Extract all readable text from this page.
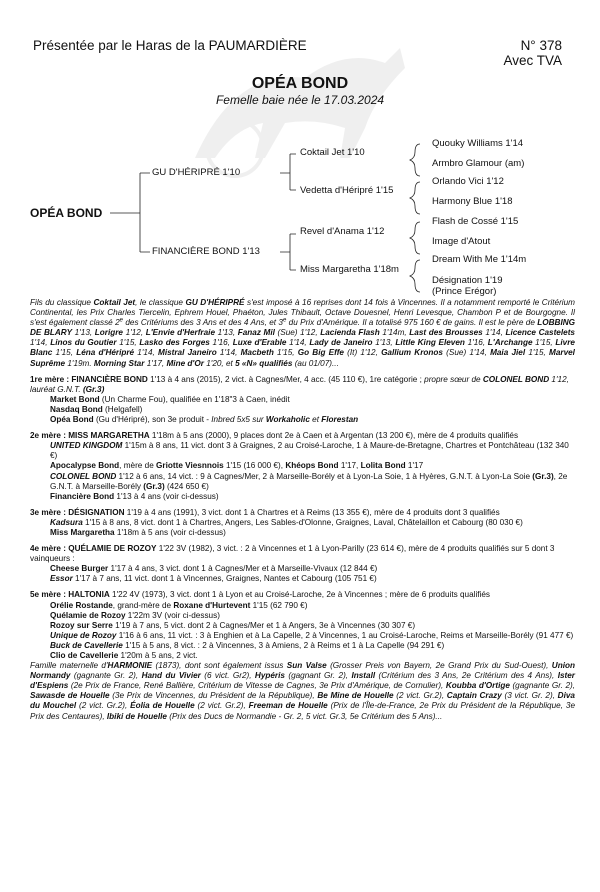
Présentée par le Haras de la PAUMARDIÈRE	N° 378
Avec TVA
OPÉA BOND
Femelle baie née le 17.03.2024
OPÉA BOND
GU D'HÉRIPRÉ 1'10
FINANCIÈRE BOND 1'13
Coktail Jet 1'10
Vedetta d'Héripré 1'15
Revel d'Anama 1'12
Miss Margaretha 1'18m
Quouky Williams 1'14
Armbro Glamour (am)
Orlando Vici 1'12
Harmony Blue 1'18
Flash de Cossé 1'15
Image d'Atout
Dream With Me 1'14m
Désignation 1'19
(Prince Erégor)

Fils du classique Coktail Jet, le classique GU D'HÉRIPRÉ s'est imposé à 16 reprises dont 14 fois à Vincennes. Il a notamment remporté le Critérium Continental, les Prix Charles Tiercelin, Ephrem Houel, Phaéton, Jules Thibault, Octave Douesnel, Henri Levesque, Chambon P et de Bourgogne. Il s'est également classé 2e des Critériums des 3 Ans et des 4 Ans, et 3e du Prix d'Amérique. Il a totalisé 975 160 € de gains. Il est le père de LOBBING DE BLARY 1'13, Lorigre 1'12, L'Envie d'Herfraie 1'13, Fanaz Mil (Sue) 1'12, Lacienda Flash 1'14m, Last des Brousses 1'14, Licence Castelets 1'14, Linos du Goutier 1'15, Lasko des Forges 1'16, Luxe d'Erable 1'14, Lady de Janeiro 1'13, Little King Eleven 1'16, L'Archange 1'15, Livre Blanc 1'15, Léna d'Héripré 1'14, Mistral Janeiro 1'14, Macbeth 1'15, Go Big Effe (It) 1'12, Gallium Kronos (Sue) 1'14, Maia Jiel 1'15, Marvel Suprême 1'19m. Morning Star 1'17, Mine d'Or 1'20, et 5 «N» qualifiés (au 01/07)...

1re mère : FINANCIÈRE BOND 1'13 à 4 ans (2015), 2 vict. à Cagnes/Mer, 4 acc. (45 110 €), 1re catégorie ; propre sœur de COLONEL BOND 1'12, lauréat G.N.T. (Gr.3)

Market Bond (Un Charme Fou), qualifiée en 1'18"3 à Caen, inédit

Nasdaq Bond (Helgafell)

Opéa Bond (Gu d'Héripré), son 3e produit - Inbred 5x5 sur Workaholic et Florestan

2e mère : MISS MARGARETHA 1'18m à 5 ans (2000), 9 places dont 2e à Caen et à Argentan (13 200 €), mère de 4 produits qualifiés

UNITED KINGDOM 1'15m à 8 ans, 11 vict. dont 3 à Graignes, 2 au Croisé-Laroche, 1 à Maure-de-Bretagne, Chartres et Pontchâteau (132 340 €)

Apocalypse Bond, mère de Griotte Viesnnois 1'15 (16 000 €), Khéops Bond 1'17, Lolita Bond 1'17

COLONEL BOND 1'12 à 6 ans, 14 vict. : 9 à Cagnes/Mer, 2 à Marseille-Borély et à Lyon-La Soie, 1 à Hyères, G.N.T. à Lyon-La Soie (Gr.3), 2e G.N.T. à Marseille-Borély (Gr.3) (424 650 €)

Financière Bond 1'13 à 4 ans (voir ci-dessus)

3e mère : DÉSIGNATION 1'19 à 4 ans (1991), 3 vict. dont 1 à Chartres et à Reims (13 355 €), mère de 4 produits dont 3 qualifiés

Kadsura 1'15 à 8 ans, 8 vict. dont 1 à Chartres, Angers, Les Sables-d'Olonne, Graignes, Laval, Châtelaillon et Cabourg (80 030 €)

Miss Margaretha 1'18m à 5 ans (voir ci-dessus)

4e mère : QUÉLAMIE DE ROZOY 1'22 3V (1982), 3 vict. : 2 à Vincennes et 1 à Lyon-Parilly (23 614 €), mère de 4 produits qualifiés sur 5 dont 3 vainqueurs :

Cheese Burger 1'17 à 4 ans, 3 vict. dont 1 à Cagnes/Mer et à Marseille-Vivaux (12 844 €)

Essor 1'17 à 7 ans, 11 vict. dont 1 à Vincennes, Graignes, Nantes et Cabourg (105 751 €)

5e mère : HALTONIA 1'22 4V (1973), 3 vict. dont 1 à Lyon et au Croisé-Laroche, 2e à Vincennes ; mère de 6 produits qualifiés

Orélie Rostande, grand-mère de Roxane d'Hurtevent 1'15 (62 790 €)

Quélamie de Rozoy 1'22m 3V (voir ci-dessus)

Rozoy sur Serre 1'19 à 7 ans, 5 vict. dont 2 à Cagnes/Mer et 1 à Angers, 3e à Vincennes (30 307 €)

Unique de Rozoy 1'16 à 6 ans, 11 vict. : 3 à Enghien et à La Capelle, 2 à Vincennes, 1 au Croisé-Laroche, Reims et Marseille-Borély (91 477 €)

Buck de Cavellerie 1'15 à 5 ans, 8 vict. : 2 à Vincennes, 3 à Amiens, 2 à Reims et 1 à La Capelle (94 291 €)

Clio de Cavellerie 1'20m à 5 ans, 2 vict.

Famille maternelle d'HARMONIE (1873), dont sont également issus Sun Valse (Grosser Preis von Bayern, 2e Grand Prix du Sud-Ouest), Union Normandy (gagnante Gr. 2), Hand du Vivier (6 vict. Gr2), Hypéris (gagnant Gr. 2), Install (Critérium des 3 Ans, 2e Critérium des 4 Ans), Ister d'Espiens (2e Prix de France, René Ballière, Critérium de Vitesse de Cagnes, 3e Prix d'Amérique, de Cornulier), Koubba d'Ortige (gagnante Gr. 2), Sawasde de Houelle (3e Prix de Vincennes, du Président de la République), Be Mine de Houelle (2 vict. Gr.2), Captain Crazy (3 vict. Gr. 2), Diva du Mouchel (2 vict. Gr.2), Éolia de Houelle (2 vict. Gr.2), Freeman de Houelle (Prix de l'Île-de-France, 2e Prix du Président de la République, 3e Prix des Centaures), Ibiki de Houelle (Prix des Ducs de Normandie - Gr. 2, 5 vict. Gr.3, 5e Critérium des 5 Ans)...
